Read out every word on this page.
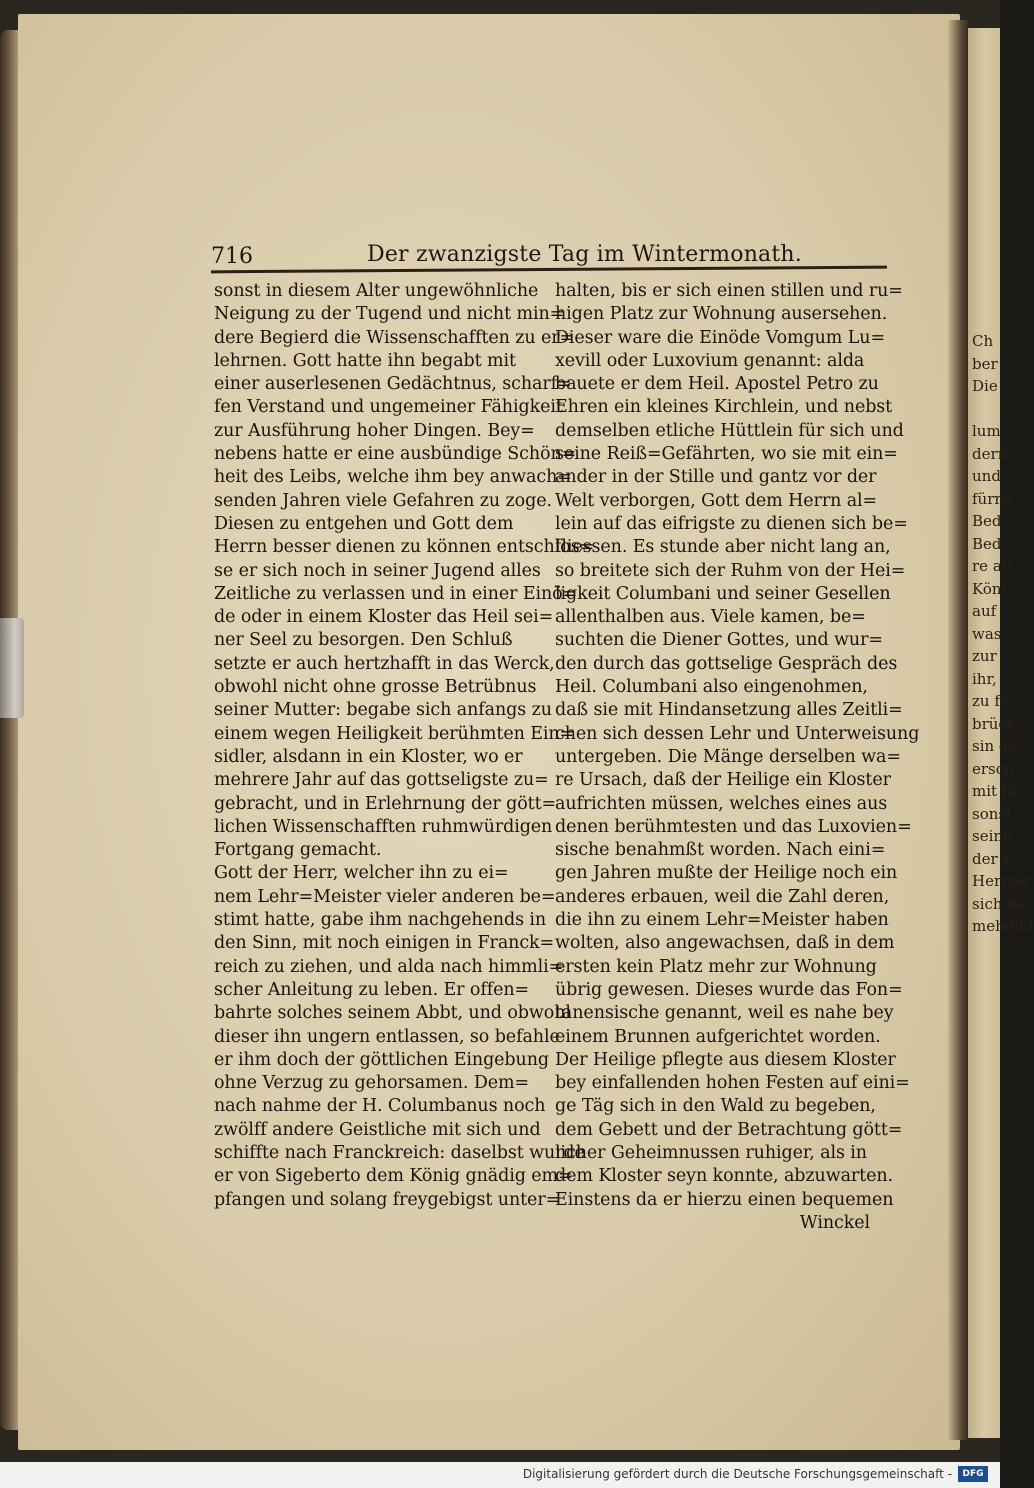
Ch
ber
Die

lum
dern
und
fürne
Bed
Bedo
re au
Köni
auf
was
zur
ihr,
zu fo
brück
sin ge
ersch
mit hi
sonst
seine
der K
Hertzer
sich be
mehdild
716	Der zwanzigste Tag im Wintermonath.
sonst in diesem Alter ungewöhnliche
Neigung zu der Tugend und nicht min=
dere Begierd die Wissenschafften zu er=
lehrnen. Gott hatte ihn begabt mit
einer auserlesenen Gedächtnus, scharf=
fen Verstand und ungemeiner Fähigkeit
zur Ausführung hoher Dingen. Bey=
nebens hatte er eine ausbündige Schön=
heit des Leibs, welche ihm bey anwach=
senden Jahren viele Gefahren zu zoge.
Diesen zu entgehen und Gott dem
Herrn besser dienen zu können entschlos=
se er sich noch in seiner Jugend alles
Zeitliche zu verlassen und in einer Einö=
de oder in einem Kloster das Heil sei=
ner Seel zu besorgen. Den Schluß
setzte er auch hertzhafft in das Werck,
obwohl nicht ohne grosse Betrübnus
seiner Mutter: begabe sich anfangs zu
einem wegen Heiligkeit berühmten Ein=
sidler, alsdann in ein Kloster, wo er
mehrere Jahr auf das gottseligste zu=
gebracht, und in Erlehrnung der gött=
lichen Wissenschafften ruhmwürdigen
Fortgang gemacht.
Gott der Herr, welcher ihn zu ei=
nem Lehr=Meister vieler anderen be=
stimt hatte, gabe ihm nachgehends in
den Sinn, mit noch einigen in Franck=
reich zu ziehen, und alda nach himmli=
scher Anleitung zu leben. Er offen=
bahrte solches seinem Abbt, und obwohl
dieser ihn ungern entlassen, so befahle
er ihm doch der göttlichen Eingebung
ohne Verzug zu gehorsamen. Dem=
nach nahme der H. Columbanus noch
zwölff andere Geistliche mit sich und
schiffte nach Franckreich: daselbst wurde
er von Sigeberto dem König gnädig em=
pfangen und solang freygebigst unter=
halten, bis er sich einen stillen und ru=
higen Platz zur Wohnung ausersehen.
Dieser ware die Einöde Vomgum Lu=
xevill oder Luxovium genannt: alda
bauete er dem Heil. Apostel Petro zu
Ehren ein kleines Kirchlein, und nebst
demselben etliche Hüttlein für sich und
seine Reiß=Gefährten, wo sie mit ein=
ander in der Stille und gantz vor der
Welt verborgen, Gott dem Herrn al=
lein auf das eifrigste zu dienen sich be=
fliessen. Es stunde aber nicht lang an,
so breitete sich der Ruhm von der Hei=
ligkeit Columbani und seiner Gesellen
allenthalben aus. Viele kamen, be=
suchten die Diener Gottes, und wur=
den durch das gottselige Gespräch des
Heil. Columbani also eingenohmen,
daß sie mit Hindansetzung alles Zeitli=
chen sich dessen Lehr und Unterweisung
untergeben. Die Mänge derselben wa=
re Ursach, daß der Heilige ein Kloster
aufrichten müssen, welches eines aus
denen berühmtesten und das Luxovien=
sische benahmßt worden. Nach eini=
gen Jahren mußte der Heilige noch ein
anderes erbauen, weil die Zahl deren,
die ihn zu einem Lehr=Meister haben
wolten, also angewachsen, daß in dem
ersten kein Platz mehr zur Wohnung
übrig gewesen. Dieses wurde das Fon=
tanensische genannt, weil es nahe bey
einem Brunnen aufgerichtet worden.
Der Heilige pflegte aus diesem Kloster
bey einfallenden hohen Festen auf eini=
ge Täg sich in den Wald zu begeben,
dem Gebett und der Betrachtung gött=
licher Geheimnussen ruhiger, als in
dem Kloster seyn konnte, abzuwarten.
Einstens da er hierzu einen bequemen
Winckel
Digitalisierung gefördert durch die Deutsche Forschungsgemeinschaft -	DFG
